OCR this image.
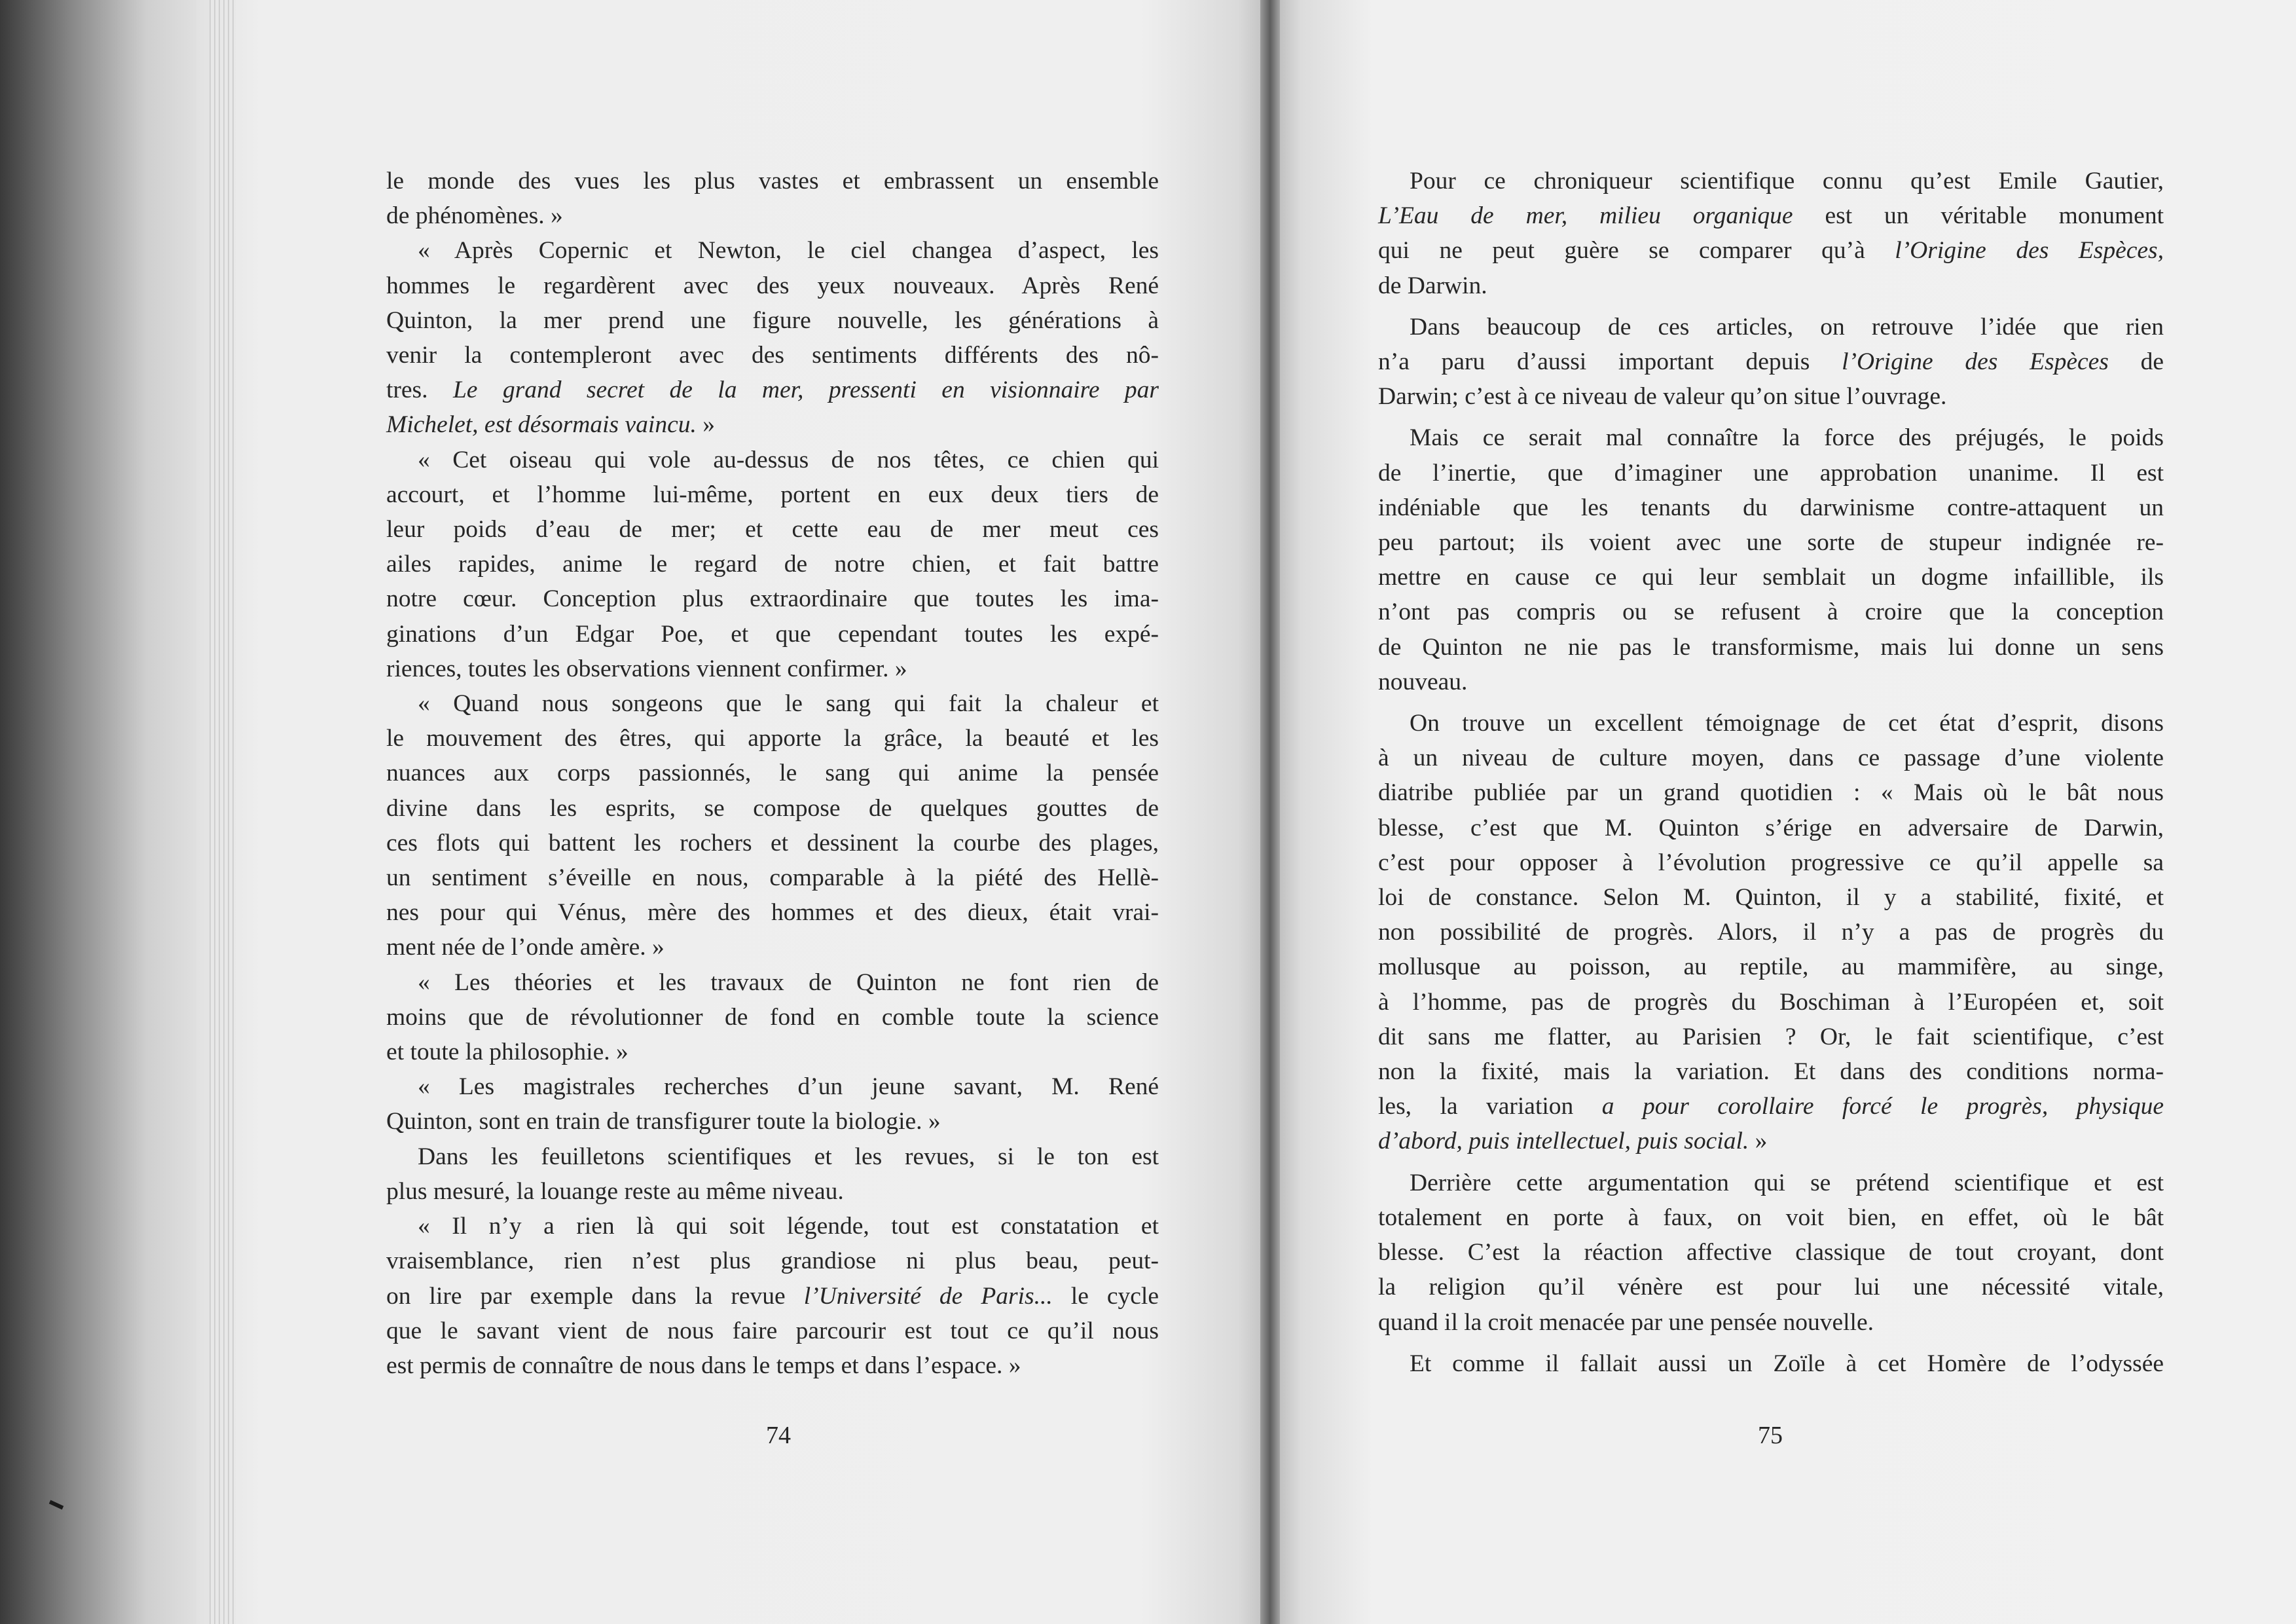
le monde des vues les plus vastes et embrassent un ensemble
de phénomènes. »
« Après Copernic et Newton, le ciel changea d’aspect, les
hommes le regardèrent avec des yeux nouveaux. Après René
Quinton, la mer prend une figure nouvelle, les générations à
venir la contempleront avec des sentiments différents des nô-
tres. Le grand secret de la mer, pressenti en visionnaire par
Michelet, est désormais vaincu. »
« Cet oiseau qui vole au-dessus de nos têtes, ce chien qui
accourt, et l’homme lui-même, portent en eux deux tiers de
leur poids d’eau de mer; et cette eau de mer meut ces
ailes rapides, anime le regard de notre chien, et fait battre
notre cœur. Conception plus extraordinaire que toutes les ima-
ginations d’un Edgar Poe, et que cependant toutes les expé-
riences, toutes les observations viennent confirmer. »
« Quand nous songeons que le sang qui fait la chaleur et
le mouvement des êtres, qui apporte la grâce, la beauté et les
nuances aux corps passionnés, le sang qui anime la pensée
divine dans les esprits, se compose de quelques gouttes de
ces flots qui battent les rochers et dessinent la courbe des plages,
un sentiment s’éveille en nous, comparable à la piété des Hellè-
nes pour qui Vénus, mère des hommes et des dieux, était vrai-
ment née de l’onde amère. »
« Les théories et les travaux de Quinton ne font rien de
moins que de révolutionner de fond en comble toute la science
et toute la philosophie. »
« Les magistrales recherches d’un jeune savant, M. René
Quinton, sont en train de transfigurer toute la biologie. »
Dans les feuilletons scientifiques et les revues, si le ton est
plus mesuré, la louange reste au même niveau.
« Il n’y a rien là qui soit légende, tout est constatation et
vraisemblance, rien n’est plus grandiose ni plus beau, peut-
on lire par exemple dans la revue l’Université de Paris... le cycle
que le savant vient de nous faire parcourir est tout ce qu’il nous
est permis de connaître de nous dans le temps et dans l’espace. »
Pour ce chroniqueur scientifique connu qu’est Emile Gautier,
L’Eau de mer, milieu organique est un véritable monument
qui ne peut guère se comparer qu’à l’Origine des Espèces,
de Darwin.
Dans beaucoup de ces articles, on retrouve l’idée que rien
n’a paru d’aussi important depuis l’Origine des Espèces de
Darwin; c’est à ce niveau de valeur qu’on situe l’ouvrage.
Mais ce serait mal connaître la force des préjugés, le poids
de l’inertie, que d’imaginer une approbation unanime. Il est
indéniable que les tenants du darwinisme contre-attaquent un
peu partout; ils voient avec une sorte de stupeur indignée re-
mettre en cause ce qui leur semblait un dogme infaillible, ils
n’ont pas compris ou se refusent à croire que la conception
de Quinton ne nie pas le transformisme, mais lui donne un sens
nouveau.
On trouve un excellent témoignage de cet état d’esprit, disons
à un niveau de culture moyen, dans ce passage d’une violente
diatribe publiée par un grand quotidien : « Mais où le bât nous
blesse, c’est que M. Quinton s’érige en adversaire de Darwin,
c’est pour opposer à l’évolution progressive ce qu’il appelle sa
loi de constance. Selon M. Quinton, il y a stabilité, fixité, et
non possibilité de progrès. Alors, il n’y a pas de progrès du
mollusque au poisson, au reptile, au mammifère, au singe,
à l’homme, pas de progrès du Boschiman à l’Européen et, soit
dit sans me flatter, au Parisien ? Or, le fait scientifique, c’est
non la fixité, mais la variation. Et dans des conditions norma-
les, la variation a pour corollaire forcé le progrès, physique
d’abord, puis intellectuel, puis social. »
Derrière cette argumentation qui se prétend scientifique et est
totalement en porte à faux, on voit bien, en effet, où le bât
blesse. C’est la réaction affective classique de tout croyant, dont
la religion qu’il vénère est pour lui une nécessité vitale,
quand il la croit menacée par une pensée nouvelle.
Et comme il fallait aussi un Zoïle à cet Homère de l’odyssée
74	75
